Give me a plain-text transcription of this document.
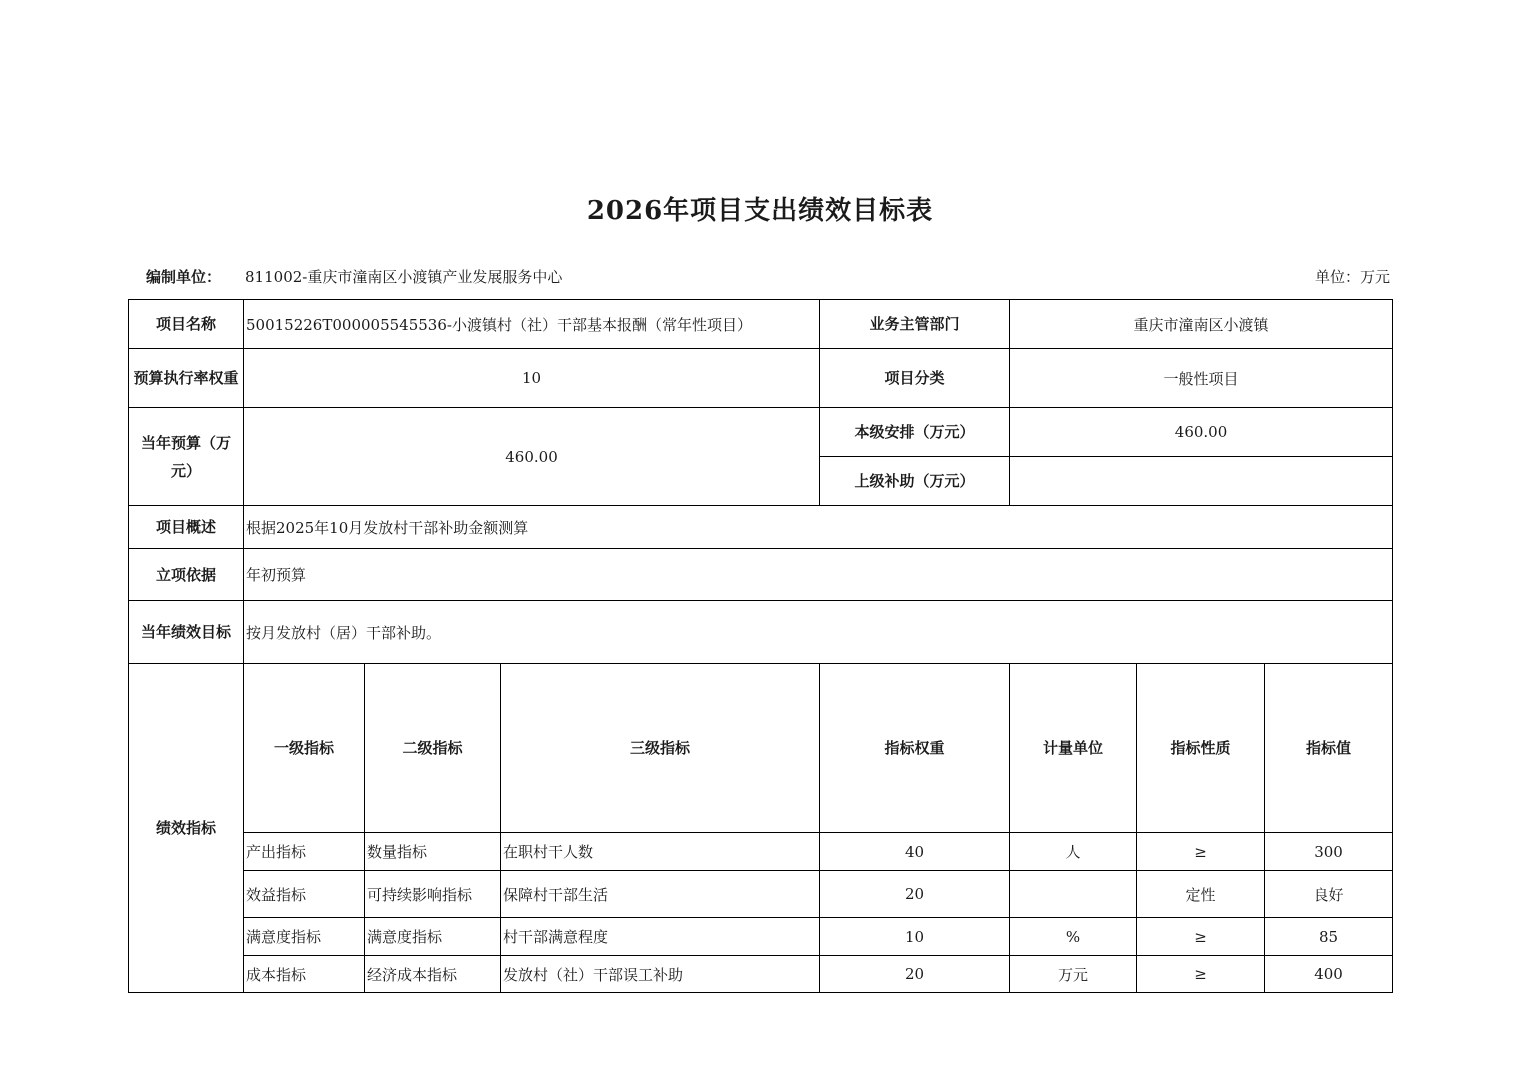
2026年项目支出绩效目标表
编制单位： 811002-重庆市潼南区小渡镇产业发展服务中心	单位：万元
项目名称	50015226T000005545536-小渡镇村（社）干部基本报酬（常年性项目）			业务主管部门	重庆市潼南区小渡镇			
预算执行率权重	10			项目分类	一般性项目			
当年预算（万元）	460.00			本级安排（万元）	460.00			
				上级补助（万元）				
项目概述	根据2025年10月发放村干部补助金额测算							
立项依据	年初预算							
当年绩效目标	按月发放村（居）干部补助。							
绩效指标	一级指标	二级指标	三级指标	指标权重	计量单位	指标性质	指标值	
	产出指标	数量指标	在职村干人数	40	人	≥	300	
	效益指标	可持续影响指标	保障村干部生活	20		定性	良好	
	满意度指标	满意度指标	村干部满意程度	10	%	≥	85	
	成本指标	经济成本指标	发放村（社）干部误工补助	20	万元	≥	400	
